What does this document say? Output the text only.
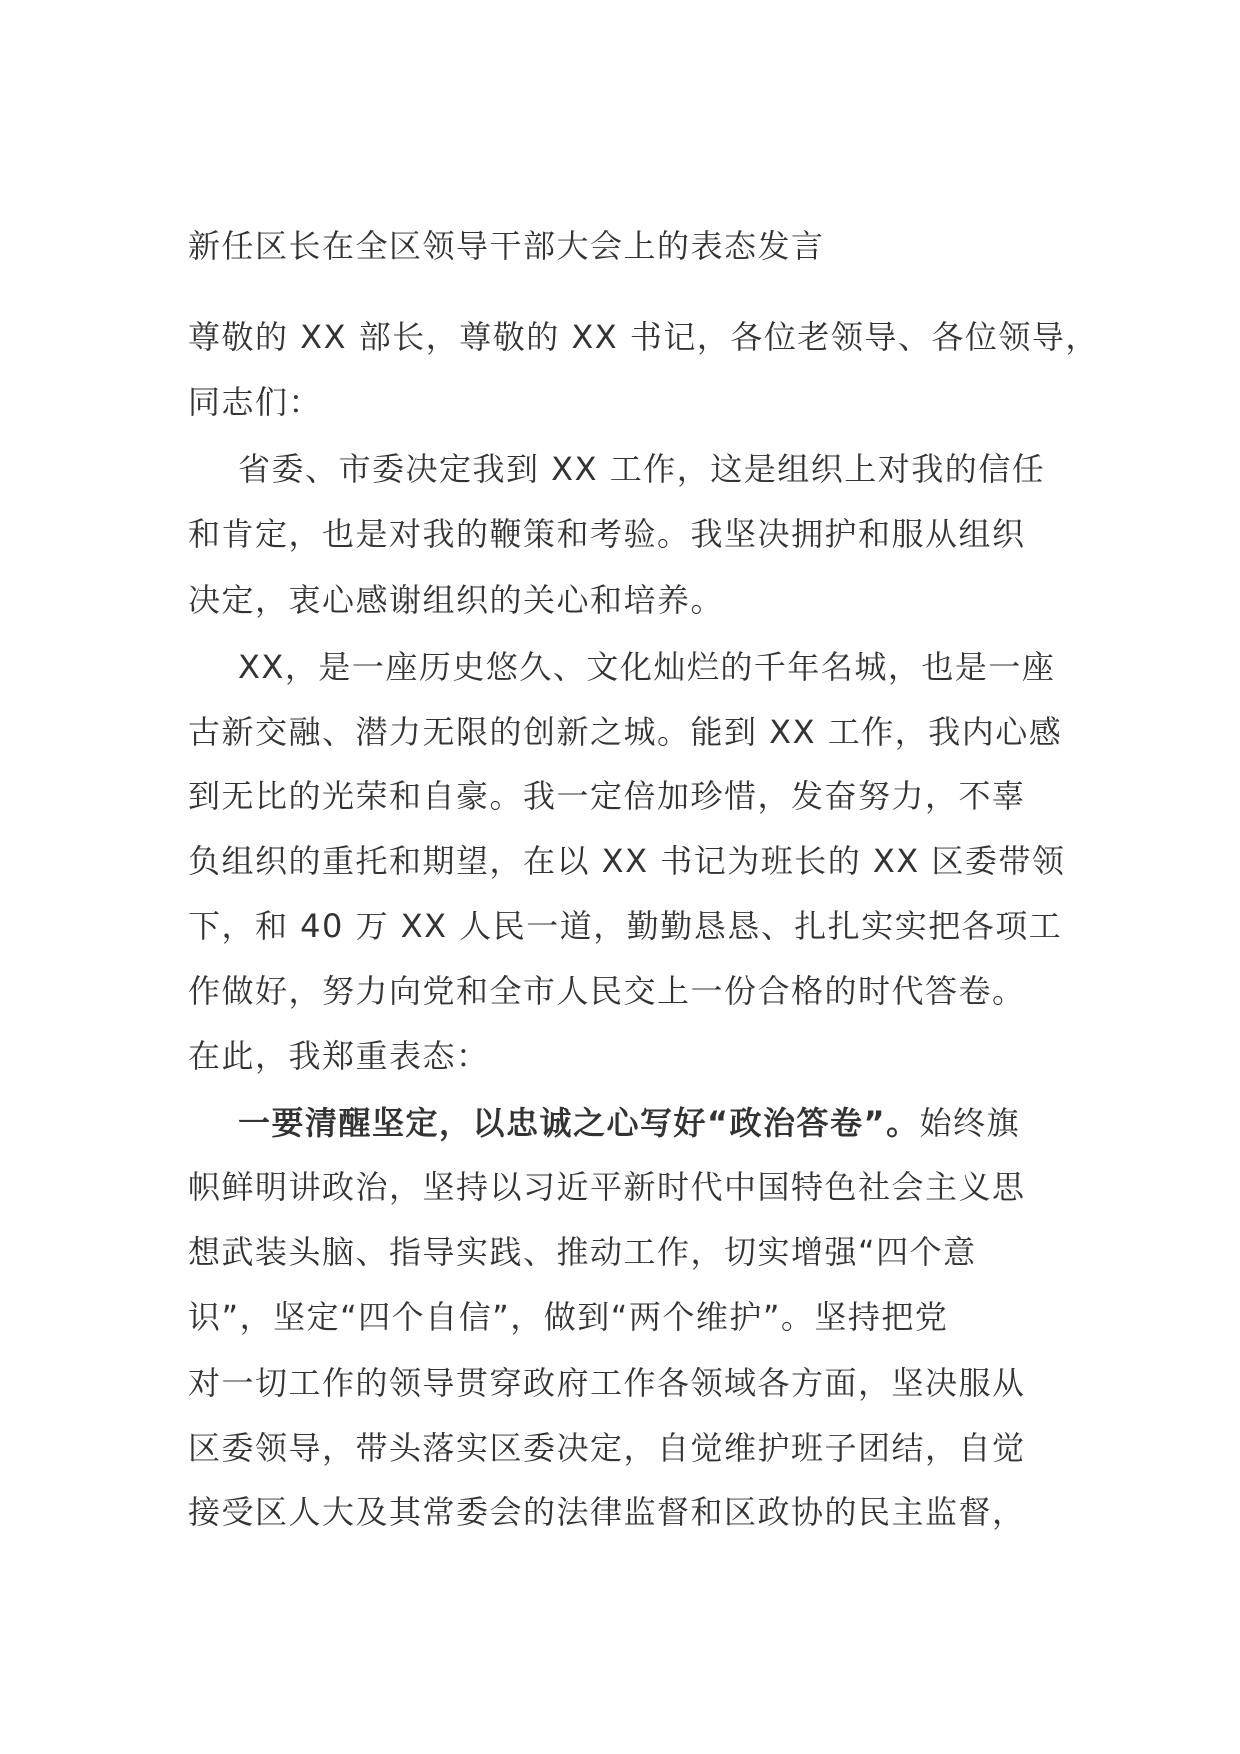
新任区长在全区领导干部大会上的表态发言
尊敬的 XX 部长，尊敬的 XX 书记，各位老领导、各位领导，
同志们：
省委、市委决定我到 XX 工作，这是组织上对我的信任
和肯定，也是对我的鞭策和考验。我坚决拥护和服从组织
决定，衷心感谢组织的关心和培养。
XX，是一座历史悠久、文化灿烂的千年名城，也是一座
古新交融、潜力无限的创新之城。能到 XX 工作，我内心感
到无比的光荣和自豪。我一定倍加珍惜，发奋努力，不辜
负组织的重托和期望，在以 XX 书记为班长的 XX 区委带领
下，和 40 万 XX 人民一道，勤勤恳恳、扎扎实实把各项工
作做好，努力向党和全市人民交上一份合格的时代答卷。
在此，我郑重表态：
一要清醒坚定，以忠诚之心写好“政治答卷”。始终旗
帜鲜明讲政治，坚持以习近平新时代中国特色社会主义思
想武装头脑、指导实践、推动工作，切实增强“四个意
识”，坚定“四个自信”，做到“两个维护”。坚持把党
对一切工作的领导贯穿政府工作各领域各方面，坚决服从
区委领导，带头落实区委决定，自觉维护班子团结，自觉
接受区人大及其常委会的法律监督和区政协的民主监督，
